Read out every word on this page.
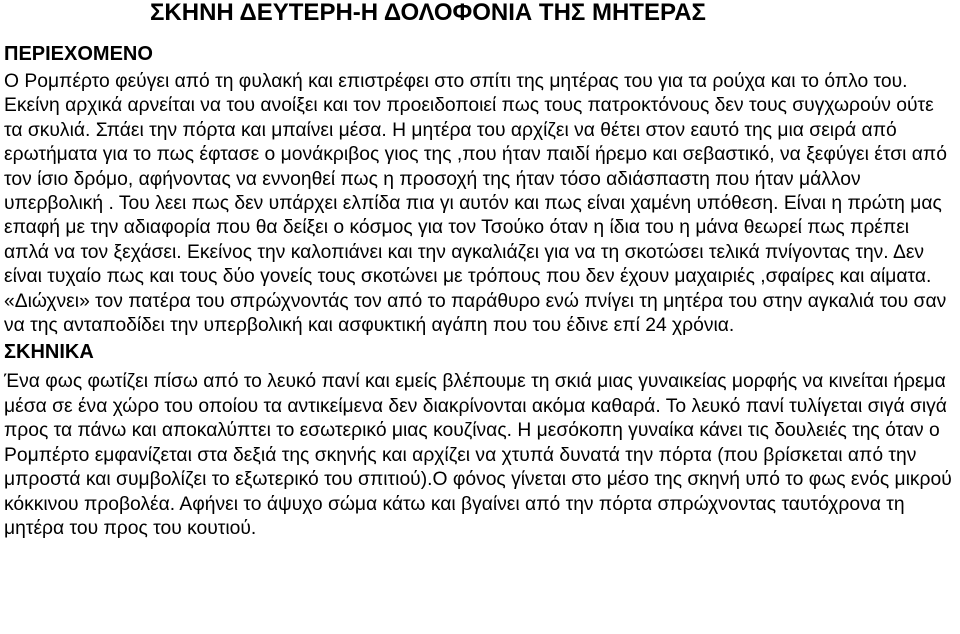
ΣΚΗΝΗ ΔΕΥΤΕΡΗ-Η ΔΟΛΟΦΟΝΙΑ ΤΗΣ ΜΗΤΕΡΑΣ
ΠΕΡΙΕΧΟΜΕΝΟ

Ο Ρομπέρτο φεύγει από τη φυλακή και επιστρέφει στο σπίτι της μητέρας του για τα ρούχα και το όπλο του. Εκείνη αρχικά αρνείται να του ανοίξει και τον προειδοποιεί πως τους πατροκτόνους δεν τους συγχωρούν ούτε τα σκυλιά. Σπάει την πόρτα και μπαίνει μέσα. Η μητέρα του αρχίζει να θέτει στον εαυτό της μια σειρά από ερωτήματα για το πως έφτασε ο μονάκριβος γιος της ,που ήταν παιδί ήρεμο και σεβαστικό, να ξεφύγει έτσι από τον ίσιο δρόμο, αφήνοντας να εννοηθεί πως η προσοχή της ήταν τόσο αδιάσπαστη που ήταν μάλλον υπερβολική . Του λεει πως δεν υπάρχει ελπίδα πια γι αυτόν και πως είναι χαμένη υπόθεση. Είναι η πρώτη μας επαφή με την αδιαφορία που θα δείξει ο κόσμος για τον Τσούκο όταν η ίδια του η μάνα θεωρεί πως πρέπει απλά να τον ξεχάσει. Εκείνος την καλοπιάνει και την αγκαλιάζει για να τη σκοτώσει τελικά πνίγοντας την. Δεν είναι τυχαίο πως και τους δύο γονείς τους σκοτώνει με τρόπους που δεν έχουν μαχαιριές ,σφαίρες και αίματα. «Διώχνει» τον πατέρα του σπρώχνοντάς τον από το παράθυρο ενώ πνίγει τη μητέρα του στην αγκαλιά του σαν να της ανταποδίδει την υπερβολική και ασφυκτική αγάπη που του έδινε επί 24 χρόνια.

ΣΚΗΝΙΚΑ

Ένα φως φωτίζει πίσω από το λευκό πανί και εμείς βλέπουμε τη σκιά μιας γυναικείας μορφής να κινείται ήρεμα μέσα σε ένα χώρο του οποίου τα αντικείμενα δεν διακρίνονται ακόμα καθαρά. Το λευκό πανί τυλίγεται σιγά σιγά προς τα πάνω και αποκαλύπτει το εσωτερικό μιας κουζίνας. Η μεσόκοπη γυναίκα κάνει τις δουλειές της όταν ο Ρομπέρτο εμφανίζεται στα δεξιά της σκηνής και αρχίζει να χτυπά δυνατά την πόρτα (που βρίσκεται από την μπροστά και συμβολίζει το εξωτερικό του σπιτιού).Ο φόνος γίνεται στο μέσο της σκηνή υπό το φως ενός μικρού κόκκινου προβολέα. Αφήνει το άψυχο σώμα κάτω και βγαίνει από την πόρτα σπρώχνοντας ταυτόχρονα τη μητέρα του προς του κουτιού.
